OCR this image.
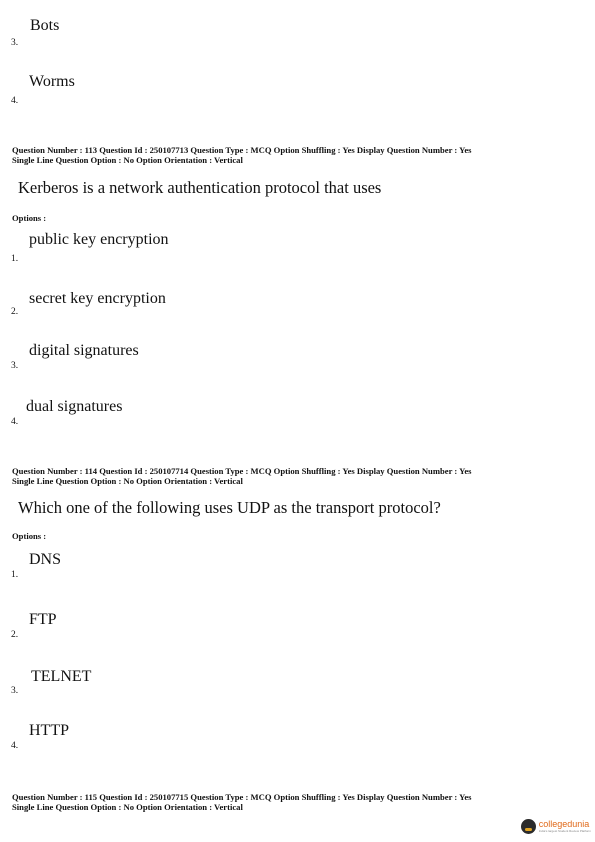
Bots
3.
Worms
4.
Question Number : 113 Question Id : 250107713 Question Type : MCQ Option Shuffling : Yes Display Question Number : Yes
Single Line Question Option : No Option Orientation : Vertical
Kerberos is a network authentication protocol that uses
Options :
public key encryption
1.
secret key encryption
2.
digital signatures
3.
dual signatures
4.
Question Number : 114 Question Id : 250107714 Question Type : MCQ Option Shuffling : Yes Display Question Number : Yes
Single Line Question Option : No Option Orientation : Vertical
Which one of the following uses UDP as the transport protocol?
Options :
DNS
1.
FTP
2.
TELNET
3.
HTTP
4.
Question Number : 115 Question Id : 250107715 Question Type : MCQ Option Shuffling : Yes Display Question Number : Yes
Single Line Question Option : No Option Orientation : Vertical
collegedunia
India's largest Student Review Platform
